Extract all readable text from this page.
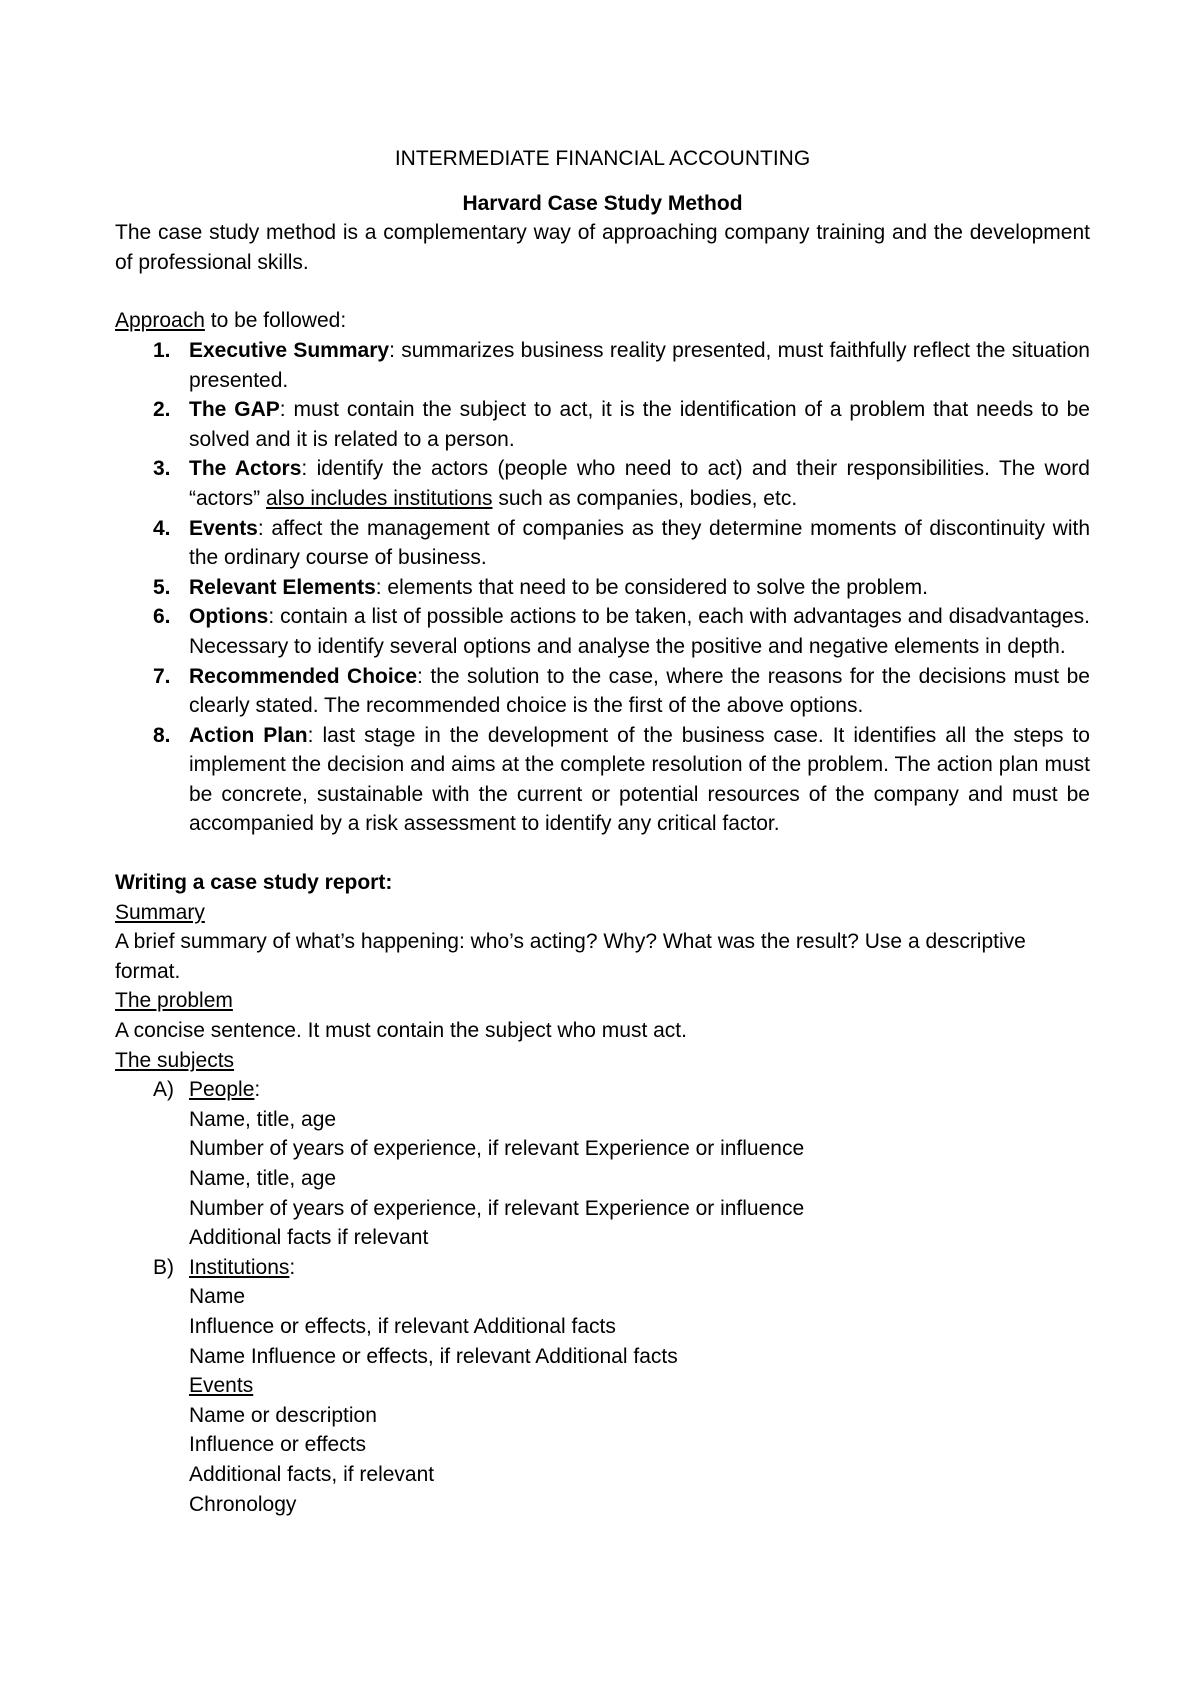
INTERMEDIATE FINANCIAL ACCOUNTING

Harvard Case Study Method

The case study method is a complementary way of approaching company training and the development of professional skills.

Approach to be followed:

1. Executive Summary: summarizes business reality presented, must faithfully reflect the situation presented.
2. The GAP: must contain the subject to act, it is the identification of a problem that needs to be solved and it is related to a person.
3. The Actors: identify the actors (people who need to act) and their responsibilities. The word “actors” also includes institutions such as companies, bodies, etc.
4. Events: affect the management of companies as they determine moments of discontinuity with the ordinary course of business.
5. Relevant Elements: elements that need to be considered to solve the problem.
6. Options: contain a list of possible actions to be taken, each with advantages and disadvantages. Necessary to identify several options and analyse the positive and negative elements in depth.
7. Recommended Choice: the solution to the case, where the reasons for the decisions must be clearly stated. The recommended choice is the first of the above options.
8. Action Plan: last stage in the development of the business case. It identifies all the steps to implement the decision and aims at the complete resolution of the problem. The action plan must be concrete, sustainable with the current or potential resources of the company and must be accompanied by a risk assessment to identify any critical factor.

Writing a case study report:

Summary

A brief summary of what’s happening: who’s acting? Why? What was the result? Use a descriptive format.

The problem

A concise sentence. It must contain the subject who must act.

The subjects

A) People:

Name, title, age

Number of years of experience, if relevant Experience or influence

Name, title, age

Number of years of experience, if relevant Experience or influence

Additional facts if relevant

B) Institutions:

Name

Influence or effects, if relevant Additional facts

Name Influence or effects, if relevant Additional facts

Events

Name or description

Influence or effects

Additional facts, if relevant

Chronology
